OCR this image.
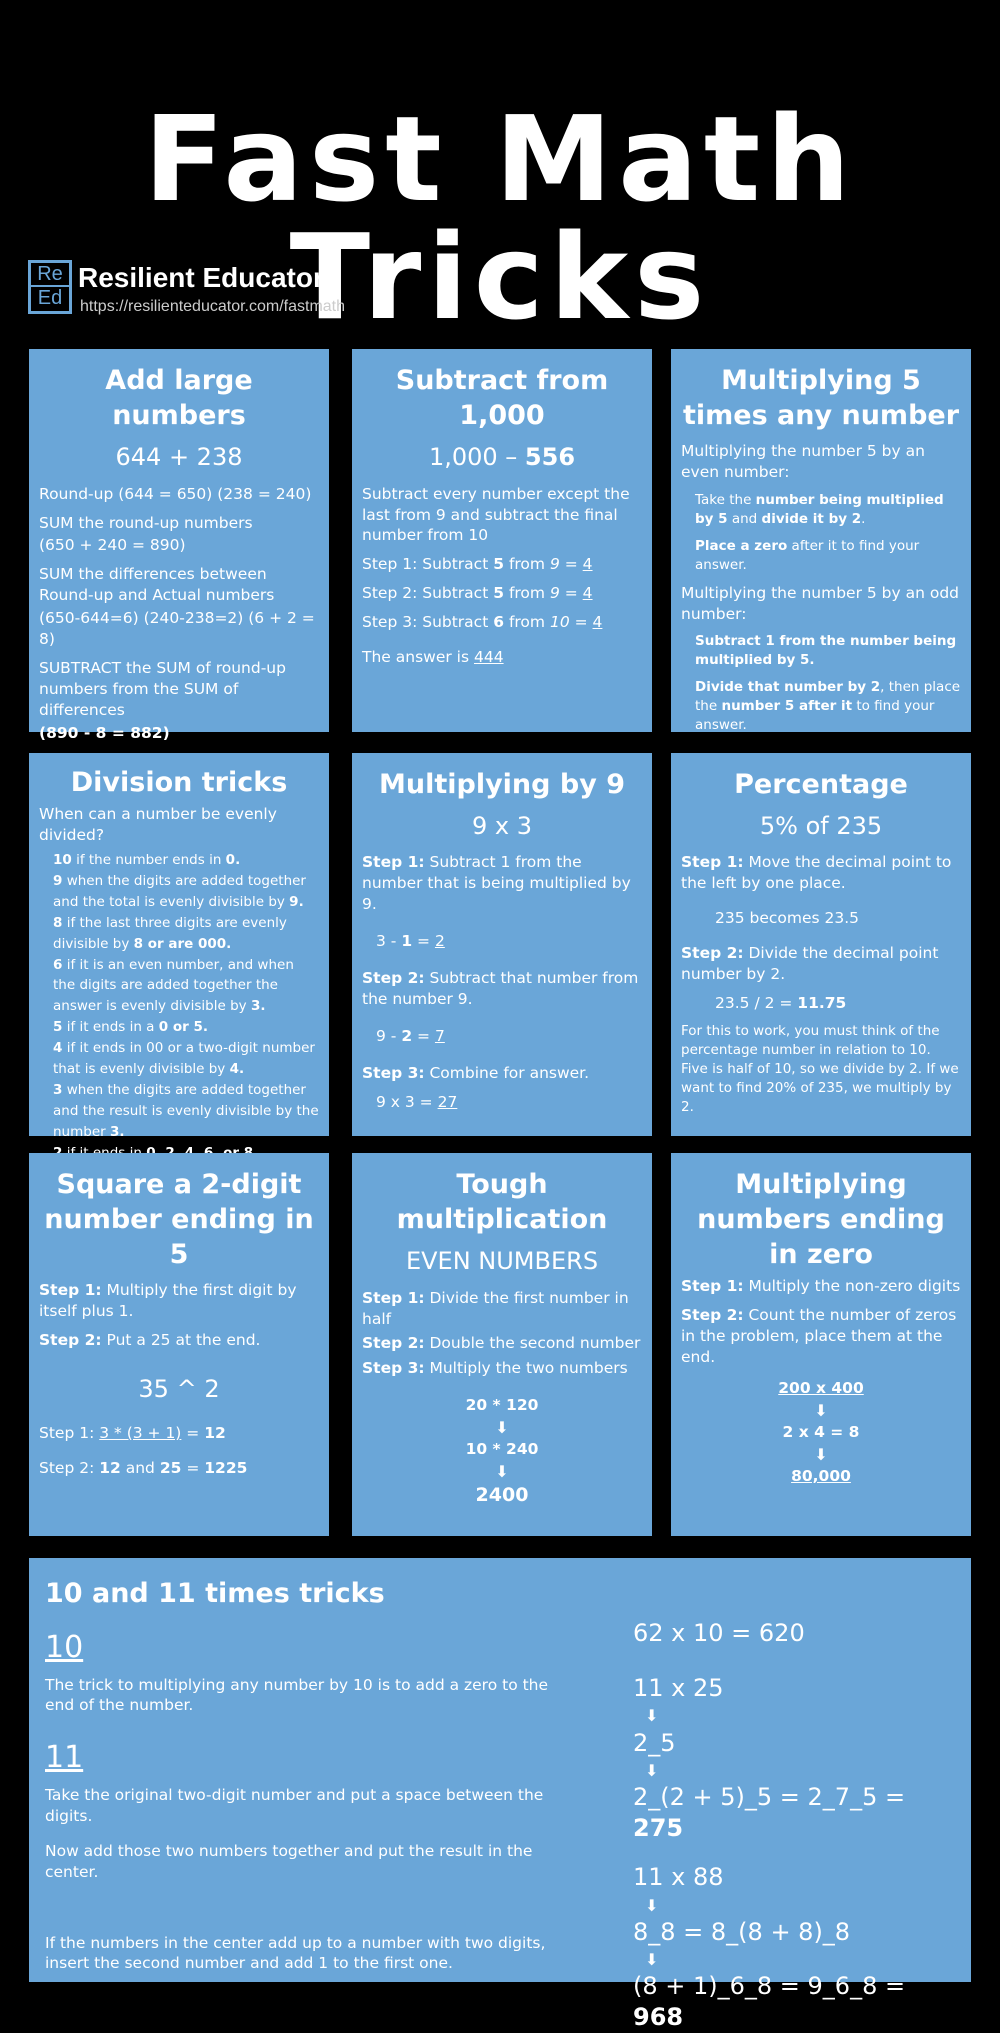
Fast Math Tricks
Re
Ed
Resilient Educator
https://resilienteducator.com/fastmath
Add large numbers
644 + 238

Round-up (644 = 650) (238 = 240)

SUM the round-up numbers

(650 + 240 = 890)

SUM the differences between Round-up and Actual numbers

(650-644=6) (240-238=2) (6 + 2 = 8)

SUBTRACT the SUM of round-up numbers from the SUM of differences

(890 - 8 = 882)

Subtract from 1,000
1,000 – 556

Subtract every number except the last from 9 and subtract the final number from 10

Step 1: Subtract 5 from 9 = 4

Step 2: Subtract 5 from 9 = 4

Step 3: Subtract 6 from 10 = 4

The answer is 444

Multiplying 5 times any number

Multiplying the number 5 by an even number:

Take the number being multiplied by 5 and divide it by 2.

Place a zero after it to find your answer.

Multiplying the number 5 by an odd number:

Subtract 1 from the number being multiplied by 5.

Divide that number by 2, then place the number 5 after it to find your answer.

Division tricks

When can a number be evenly divided?

10 if the number ends in 0.
9 when the digits are added together and the total is evenly divisible by 9.
8 if the last three digits are evenly divisible by 8 or are 000.
6 if it is an even number, and when the digits are added together the answer is evenly divisible by 3.
5 if it ends in a 0 or 5.
4 if it ends in 00 or a two-digit number that is evenly divisible by 4.
3 when the digits are added together and the result is evenly divisible by the number 3.
Multiplying by 9
9 x 3

Step 1: Subtract 1 from the number that is being multiplied by 9.

3 - 1 = 2

Step 2: Subtract that number from the number 9.

9 - 2 = 7

Step 3: Combine for answer.

9 x 3 = 27

Percentage
5% of 235

Step 1: Move the decimal point to the left by one place.

235 becomes 23.5

Step 2: Divide the decimal point number by 2.

23.5 / 2 = 11.75

For this to work, you must think of the percentage number in relation to 10. Five is half of 10, so we divide by 2. If we want to find 20% of 235, we multiply by 2.

Square a 2-digit number ending in 5

Step 1: Multiply the first digit by itself plus 1.

Step 2: Put a 25 at the end.

35 ^ 2

Step 1: 3 * (3 + 1) = 12

Step 2: 12 and 25 = 1225

Tough multiplication
EVEN NUMBERS

Step 1: Divide the first number in half

Step 2: Double the second number

Step 3: Multiply the two numbers

20 * 120
⬇
10 * 240
⬇
2400
Multiplying numbers ending in zero

Step 1: Multiply the non-zero digits

Step 2: Count the number of zeros in the problem, place them at the end.

200 x 400
⬇
2 x 4 = 8
⬇
80,000
10 and 11 times tricks
10

The trick to multiplying any number by 10 is to add a zero to the end of the number.

11

Take the original two-digit number and put a space between the digits.

Now add those two numbers together and put the result in the center.

If the numbers in the center add up to a number with two digits, insert the second number and add 1 to the first one.

62 x 10 = 620
11 x 25
⬇
2_5
⬇
2_(2 + 5)_5 = 2_7_5 = 275
11 x 88
⬇
8_8 = 8_(8 + 8)_8
⬇
(8 + 1)_6_8 = 9_6_8 = 968
